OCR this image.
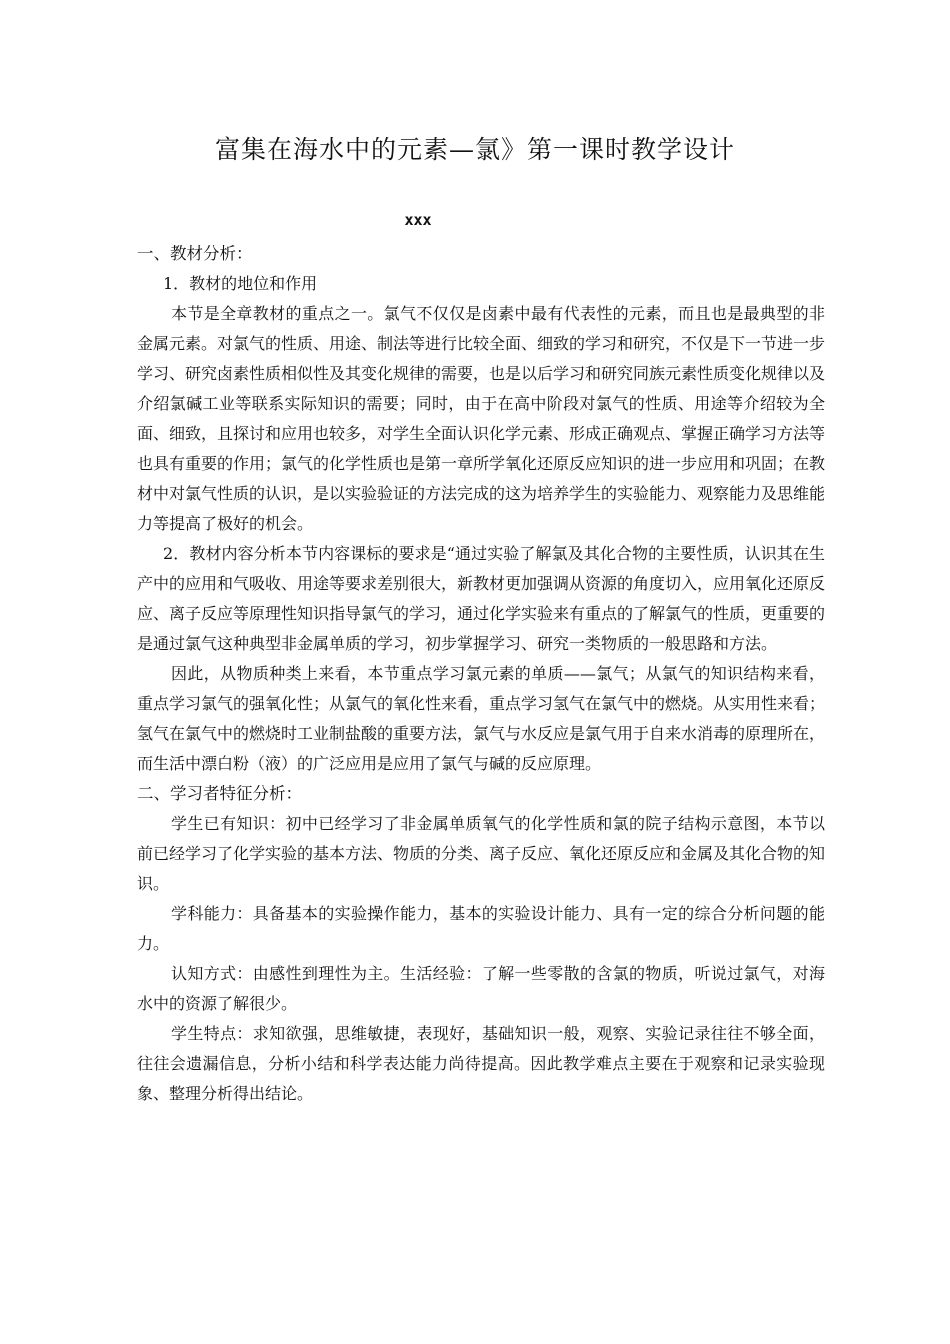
富集在海水中的元素—氯》第一课时教学设计
xxx

一、教材分析：

1．教材的地位和作用

本节是全章教材的重点之一。氯气不仅仅是卤素中最有代表性的元素，而且也是最典型的非金属元素。对氯气的性质、用途、制法等进行比较全面、细致的学习和研究，不仅是下一节进一步学习、研究卤素性质相似性及其变化规律的需要，也是以后学习和研究同族元素性质变化规律以及介绍氯碱工业等联系实际知识的需要；同时，由于在高中阶段对氯气的性质、用途等介绍较为全面、细致，且探讨和应用也较多，对学生全面认识化学元素、形成正确观点、掌握正确学习方法等也具有重要的作用；氯气的化学性质也是第一章所学氧化还原反应知识的进一步应用和巩固；在教材中对氯气性质的认识，是以实验验证的方法完成的这为培养学生的实验能力、观察能力及思维能力等提高了极好的机会。

2．教材内容分析本节内容课标的要求是“通过实验了解氯及其化合物的主要性质，认识其在生产中的应用和气吸收、用途等要求差别很大，新教材更加强调从资源的角度切入，应用氧化还原反应、离子反应等原理性知识指导氯气的学习，通过化学实验来有重点的了解氯气的性质，更重要的是通过氯气这种典型非金属单质的学习，初步掌握学习、研究一类物质的一般思路和方法。

因此，从物质种类上来看，本节重点学习氯元素的单质——氯气；从氯气的知识结构来看，重点学习氯气的强氧化性；从氯气的氧化性来看，重点学习氢气在氯气中的燃烧。从实用性来看；氢气在氯气中的燃烧时工业制盐酸的重要方法，氯气与水反应是氯气用于自来水消毒的原理所在，而生活中漂白粉（液）的广泛应用是应用了氯气与碱的反应原理。

二、学习者特征分析：

学生已有知识：初中已经学习了非金属单质氧气的化学性质和氯的院子结构示意图，本节以前已经学习了化学实验的基本方法、物质的分类、离子反应、氧化还原反应和金属及其化合物的知识。

学科能力：具备基本的实验操作能力，基本的实验设计能力、具有一定的综合分析问题的能力。

认知方式：由感性到理性为主。生活经验：了解一些零散的含氯的物质，听说过氯气，对海水中的资源了解很少。

学生特点：求知欲强，思维敏捷，表现好，基础知识一般，观察、实验记录往往不够全面，往往会遗漏信息，分析小结和科学表达能力尚待提高。因此教学难点主要在于观察和记录实验现象、整理分析得出结论。
